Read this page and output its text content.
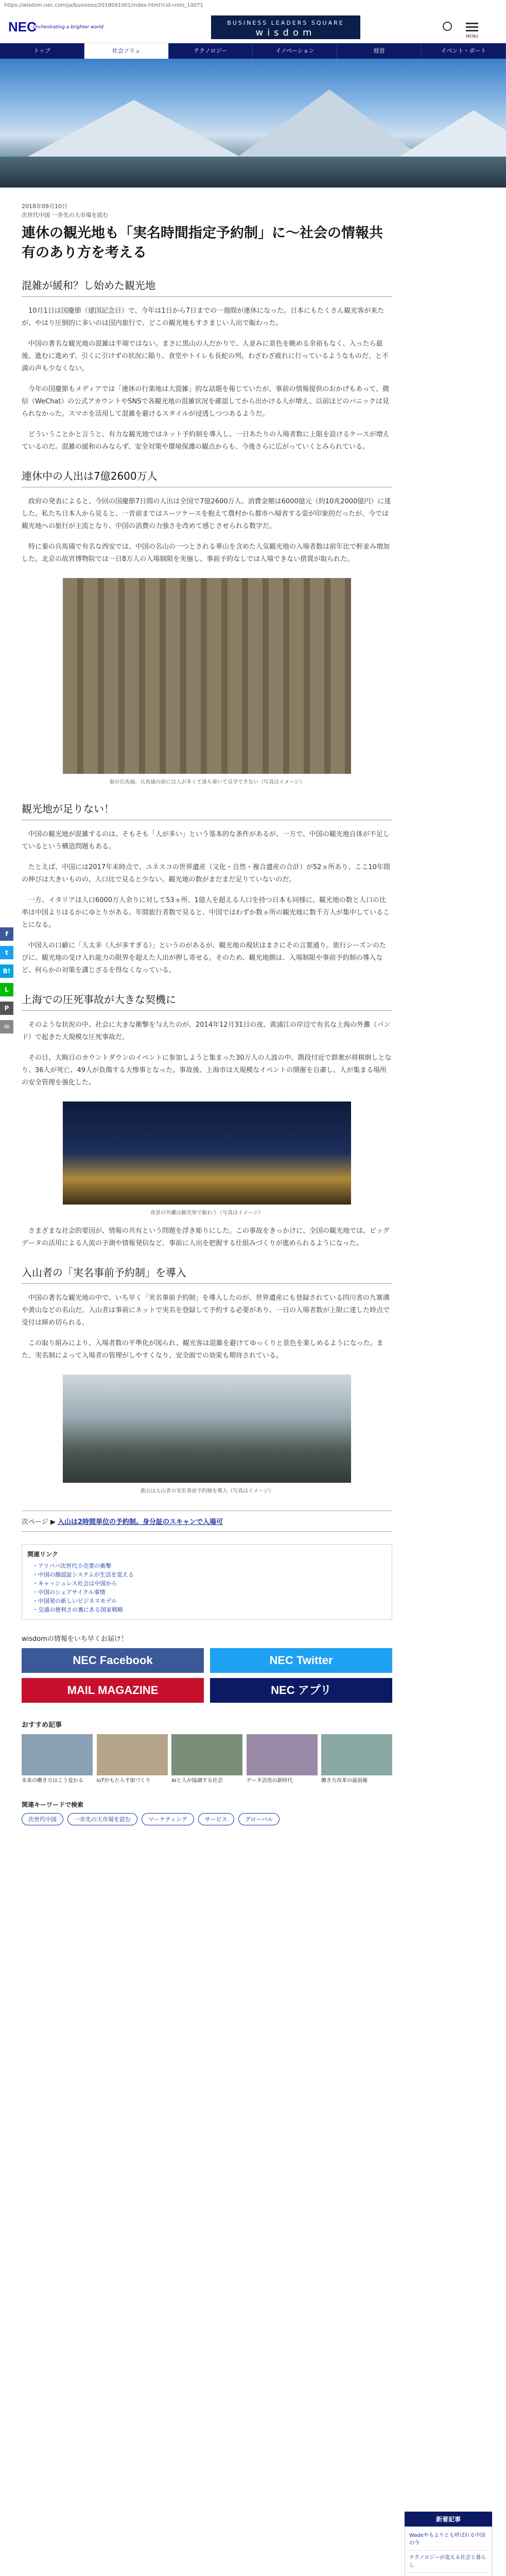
https://wisdom.nec.com/ja/business/2018091001/index.html?cid=relo_10071
NEC
Orchestrating a brighter world
BUSINESS LEADERS SQUARE
wisdom	MENU
トップ	社会ソリュ	テクノロジー	イノベーション	経営	イベント・ポート
f
t
B!
L
P
✉
2018年09月10日
次世代中国 一歩先の大市場を読む
連休の観光地も「実名時間指定予約制」に〜社会の情報共有のあり方を考える
混雑が緩和？し始めた観光地

10月1日は国慶節（建国記念日）で、今年は1日から7日までの一週間が連休になった。日本にもたくさん観光客が来たが、やはり圧倒的に多いのは国内旅行で、どこの観光地もすさまじい人出で賑わった。

中国の著名な観光地の混雑は半端ではない。まさに黒山の人だかりで、人並みに景色を眺める余裕もなく、入ったら最後、進むに進めず、引くに引けずの状況に陥り、食堂やトイレも長蛇の列。わざわざ疲れに行っているようなものだ、と不満の声も少なくない。

今年の国慶節もメディアでは「連休の行楽地は大混雑」的な話題を報じていたが、事前の情報提供のおかげもあって、微信（WeChat）の公式アカウントやSNSで各観光地の混雑状況を確認してから出かける人が増え、以前ほどのパニックは見られなかった。スマホを活用して混雑を避けるスタイルが浸透しつつあるようだ。

どういうことかと言うと、有力な観光地ではネット予約制を導入し、一日あたりの入場者数に上限を設けるケースが増えているのだ。混雑の緩和のみならず、安全対策や環境保護の観点からも、今後さらに広がっていくとみられている。

連休中の人出は7億2600万人

政府の発表によると、今回の国慶節7日間の人出は全国で7億2600万人、消費金額は6000億元（約10兆2000億円）に達した。私たち日本人から見ると、一昔前まではスーツケースを抱えて農村から都市へ帰省する姿が印象的だったが、今では観光地への旅行が主流となり、中国の消費の力強さを改めて感じさせられる数字だ。

特に秦の兵馬俑で有名な西安では、中国の名山の一つとされる華山を含めた人気観光地の入場者数は前年比で軒並み増加した。北京の故宮博物院では一日8万人の入場制限を実施し、事前予約なしでは入場できない措置が取られた。

秦の兵馬俑。兵馬俑の前には人が多くて落ち着いて見学できない（写真はイメージ）
観光地が足りない！

中国の観光地が混雑するのは、そもそも「人が多い」という基本的な条件があるが、一方で、中国の観光地自体が不足しているという構造問題もある。

たとえば、中国には2017年末時点で、ユネスコの世界遺産（文化・自然・複合遺産の合計）が52ヵ所あり、ここ10年間の伸びは大きいものの、人口比で見ると少ない。観光地の数がまだまだ足りていないのだ。

一方、イタリアは人口6000万人余りに対して53ヵ所、1億人を超える人口を持つ日本も同様に、観光地の数と人口の比率は中国よりはるかにゆとりがある。年間旅行者数で見ると、中国ではわずか数ヵ所の観光地に数千万人が集中していることになる。

中国人の口癖に「人太多（人が多すぎる）」というのがあるが、観光地の現状はまさにその言葉通り。旅行シーズンのたびに、観光地の受け入れ能力の限界を超えた人出が押し寄せる。そのため、観光地側は、入場制限や事前予約制の導入など、何らかの対策を講じざるを得なくなっている。

上海での圧死事故が大きな契機に

そのような状況の中、社会に大きな衝撃を与えたのが、2014年12月31日の夜、黄浦江の岸辺で有名な上海の外灘（バンド）で起きた大規模な圧死事故だ。

その日、大晦日のカウントダウンのイベントに参加しようと集まった30万人の人波の中、階段付近で群衆が将棋倒しとなり、36人が死亡、49人が負傷する大惨事となった。事故後、上海市は大規模なイベントの開催を自粛し、人が集まる場所の安全管理を強化した。

夜景の外灘は観光客で賑わう（写真はイメージ）

さまざまな社会的要因が、情報の共有という問題を浮き彫りにした。この事故をきっかけに、全国の観光地では、ビッグデータの活用による人流の予測や情報発信など、事前に人出を把握する仕組みづくりが進められるようになった。

入山者の「実名事前予約制」を導入

中国の著名な観光地の中で、いち早く「実名事前予約制」を導入したのが、世界遺産にも登録されている四川省の九寨溝や黄山などの名山だ。入山者は事前にネットで実名を登録して予約する必要があり、一日の入場者数が上限に達した時点で受付は締め切られる。

この取り組みにより、入場者数の平準化が図られ、観光客は混雑を避けてゆっくりと景色を楽しめるようになった。また、実名制によって入場者の管理がしやすくなり、安全面での効果も期待されている。

黄山は入山者の実名事前予約制を導入（写真はイメージ）
次ページ ▶ 入山は2時間単位の予約制。身分証のスキャンで入場可
関連リンク
・アリババ次世代小売業の衝撃
・中国の顔認証システムが生活を変える
・キャッシュレス社会は中国から
・中国のシェアサイクル事情
・中国発の新しいビジネスモデル
・交通の便利さの裏にある国家戦略
wisdomの情報をいち早くお届け！
NEC Facebook	NEC Twitter
MAIL MAGAZINE	NEC アプリ
おすすめ記事
未来の働き方はこう変わる	IoTがもたらす街づくり	AIと人が協調する社会	データ活用の新時代	働き方改革の最前線
関連キーワードで検索
次世代中国	一歩先の大市場を読む	マーケティング	サービス	グローバル
新着記事
Wadeやもよりとも呼ばれる中国の今
テクノロジーが変える社会と暮らし
